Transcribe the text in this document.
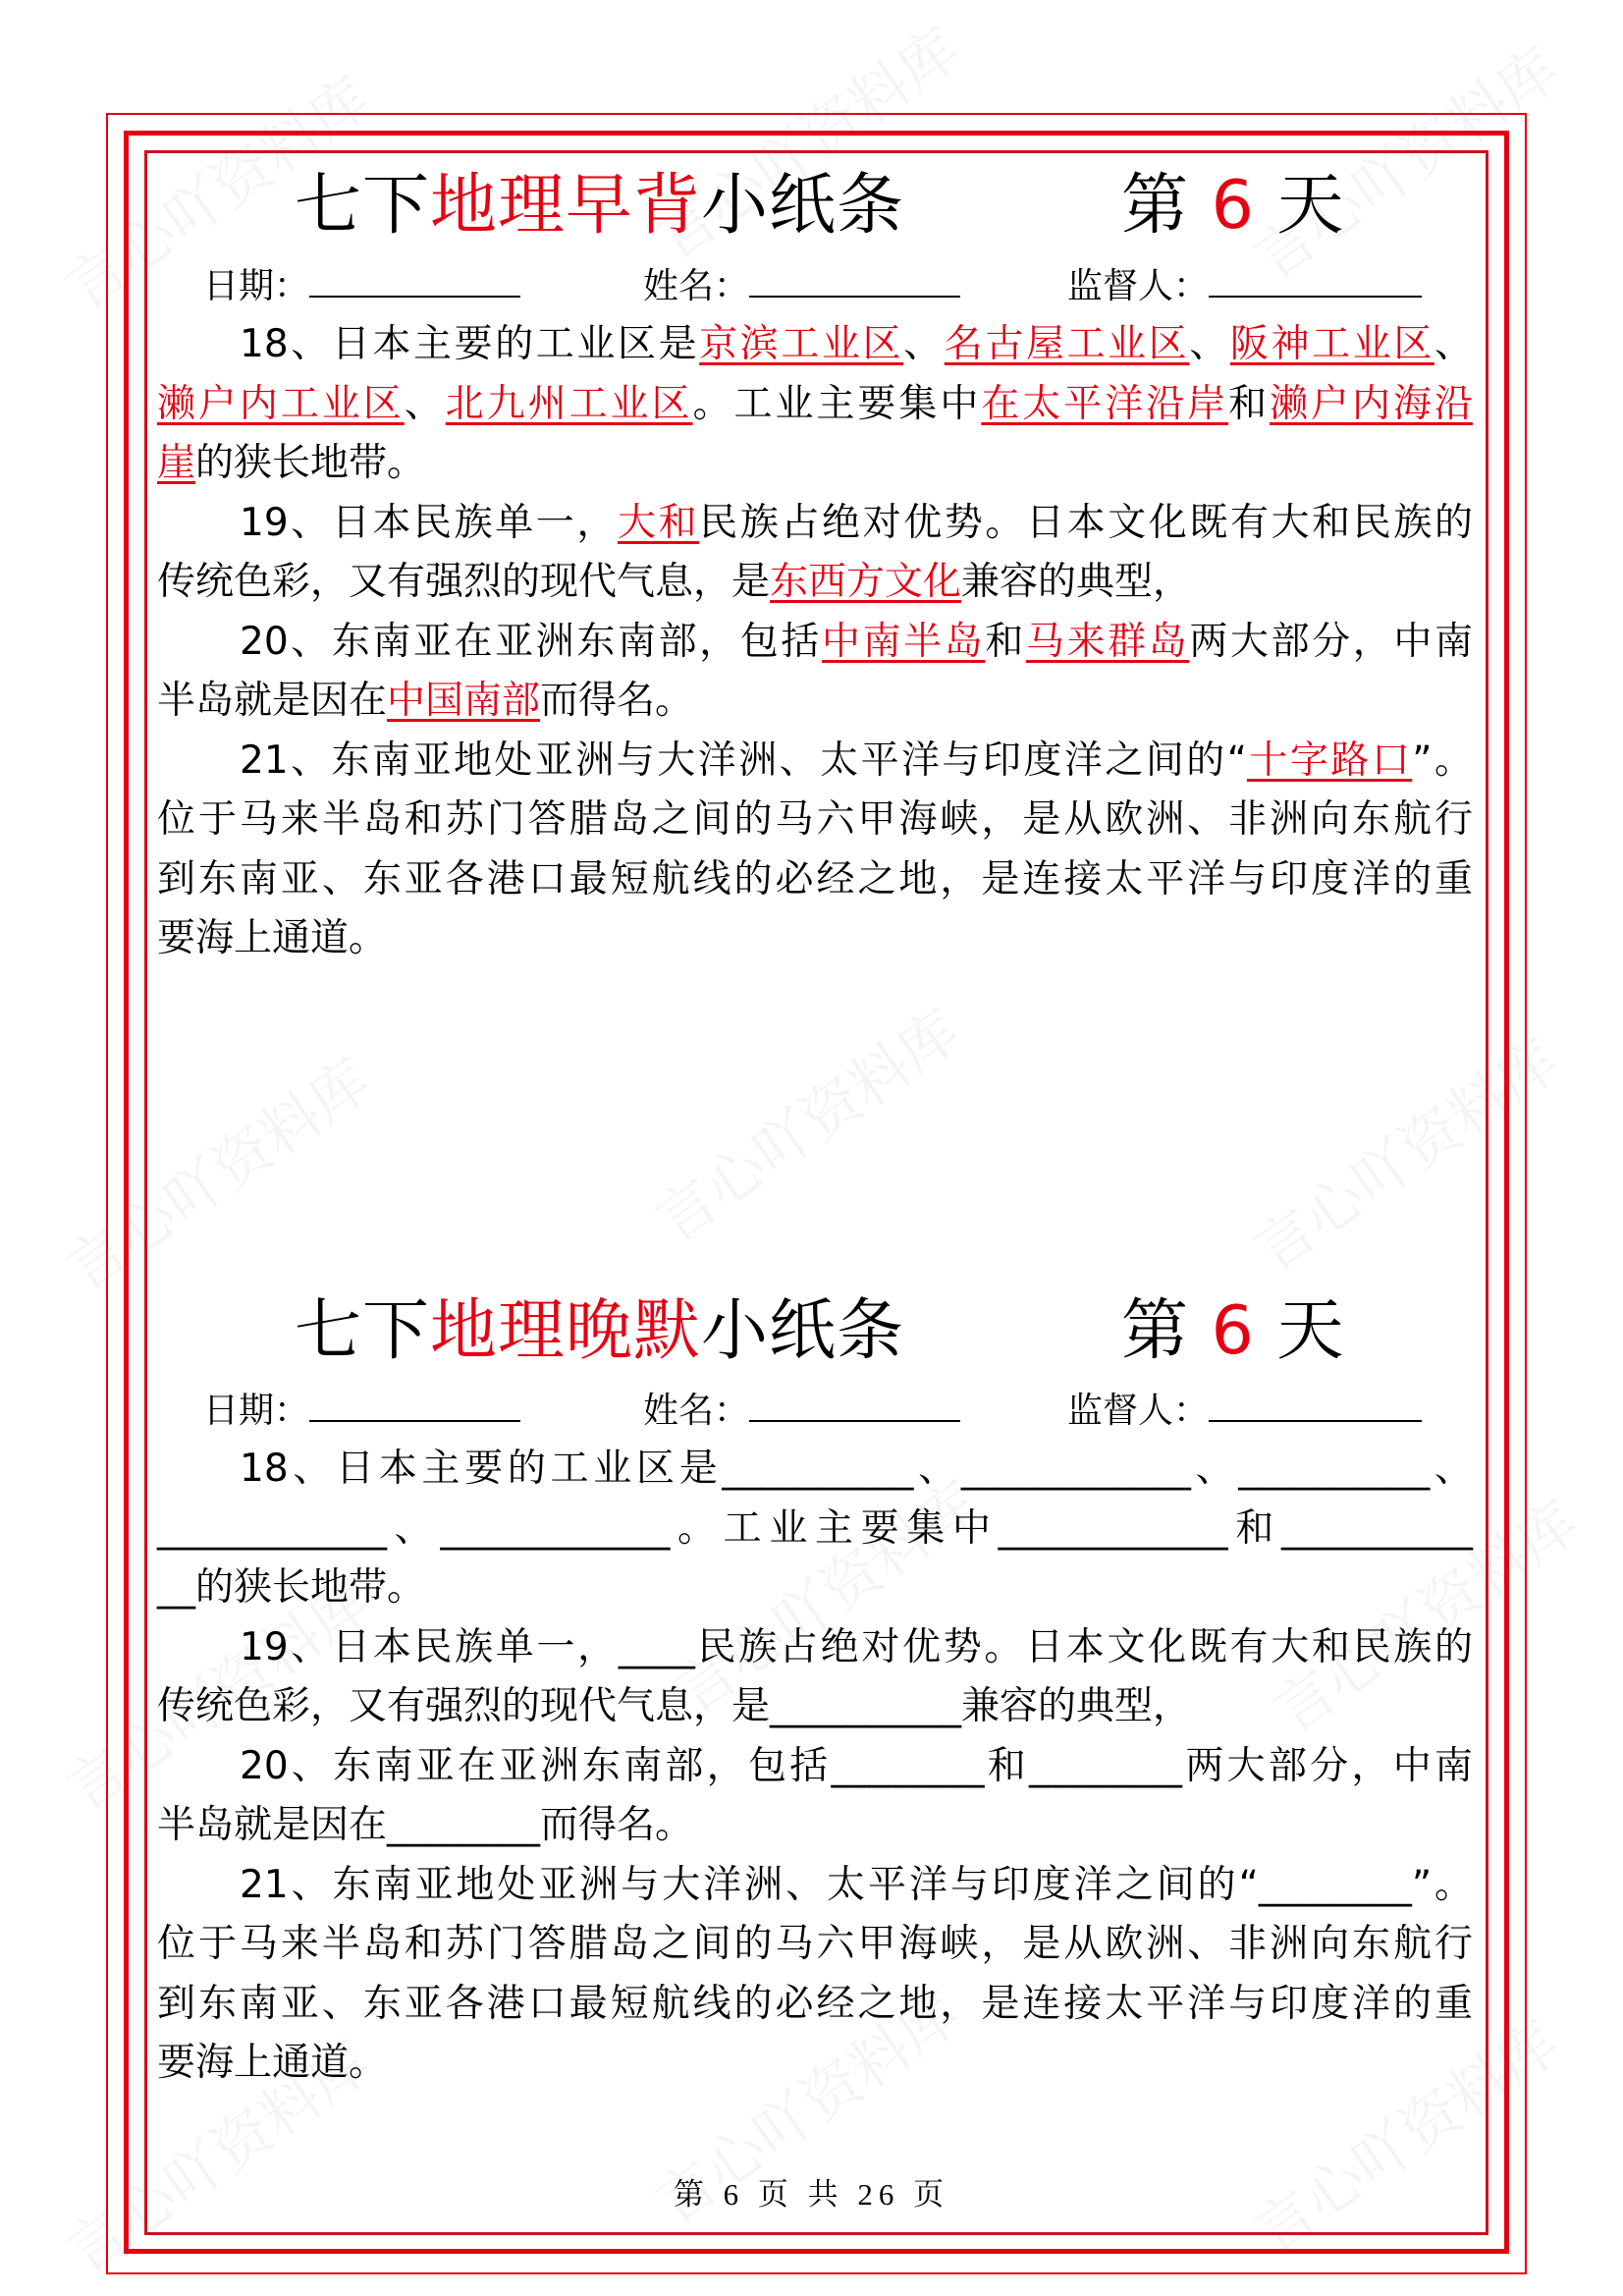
七下地理早背小纸条	第 6 天
日期：	姓名：	监督人：
18、日本主要的工业区是京滨工业区、名古屋工业区、阪神工业区、
濑户内工业区、北九州工业区。工业主要集中在太平洋沿岸和濑户内海沿
崖的狭长地带。
19、日本民族单一，大和民族占绝对优势。日本文化既有大和民族的
传统色彩，又有强烈的现代气息，是东西方文化兼容的典型，
20、东南亚在亚洲东南部，包括中南半岛和马来群岛两大部分，中南
半岛就是因在中国南部而得名。
21、东南亚地处亚洲与大洋洲、太平洋与印度洋之间的“十字路口”。
位于马来半岛和苏门答腊岛之间的马六甲海峡，是从欧洲、非洲向东航行
到东南亚、东亚各港口最短航线的必经之地，是连接太平洋与印度洋的重
要海上通道。
七下地理晚默小纸条	第 6 天
日期：	姓名：	监督人：
18、日本主要的工业区是__________、____________、__________、
____________、____________。工业主要集中____________和__________
__的狭长地带。
19、日本民族单一，____民族占绝对优势。日本文化既有大和民族的
传统色彩，又有强烈的现代气息，是__________兼容的典型，
20、东南亚在亚洲东南部，包括________和________两大部分，中南
半岛就是因在________而得名。
21、东南亚地处亚洲与大洋洲、太平洋与印度洋之间的“________”。
位于马来半岛和苏门答腊岛之间的马六甲海峡，是从欧洲、非洲向东航行
到东南亚、东亚各港口最短航线的必经之地，是连接太平洋与印度洋的重
要海上通道。
第 6 页 共 26 页
